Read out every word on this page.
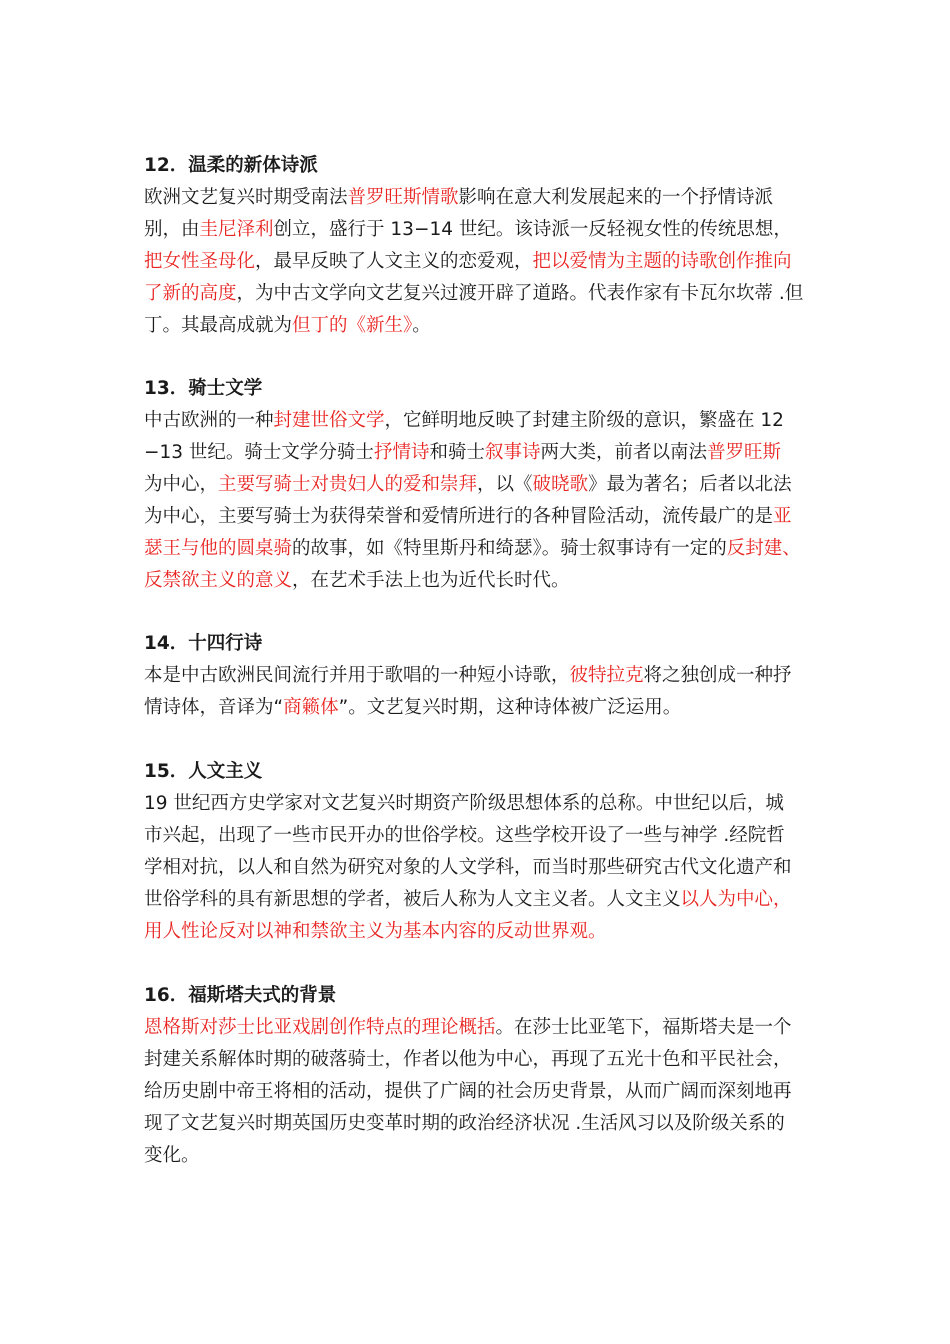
12．温柔的新体诗派
欧洲文艺复兴时期受南法普罗旺斯情歌影响在意大利发展起来的一个抒情诗派
别，由圭尼泽利创立，盛行于 13−14 世纪。该诗派一反轻视女性的传统思想，
把女性圣母化，最早反映了人文主义的恋爱观，把以爱情为主题的诗歌创作推向
了新的高度，为中古文学向文艺复兴过渡开辟了道路。代表作家有卡瓦尔坎蒂 .但
丁。其最高成就为但丁的《新生》。
13．骑士文学
中古欧洲的一种封建世俗文学，它鲜明地反映了封建主阶级的意识，繁盛在 12
−13 世纪。骑士文学分骑士抒情诗和骑士叙事诗两大类，前者以南法普罗旺斯
为中心，主要写骑士对贵妇人的爱和崇拜，以《破晓歌》最为著名；后者以北法
为中心，主要写骑士为获得荣誉和爱情所进行的各种冒险活动，流传最广的是亚
瑟王与他的圆桌骑的故事，如《特里斯丹和绮瑟》。骑士叙事诗有一定的反封建、
反禁欲主义的意义，在艺术手法上也为近代长时代。
14．十四行诗
本是中古欧洲民间流行并用于歌唱的一种短小诗歌，彼特拉克将之独创成一种抒
情诗体，音译为“商籁体”。文艺复兴时期，这种诗体被广泛运用。
15．人文主义
19 世纪西方史学家对文艺复兴时期资产阶级思想体系的总称。中世纪以后，城
市兴起，出现了一些市民开办的世俗学校。这些学校开设了一些与神学 .经院哲
学相对抗，以人和自然为研究对象的人文学科，而当时那些研究古代文化遗产和
世俗学科的具有新思想的学者，被后人称为人文主义者。人文主义以人为中心，
用人性论反对以神和禁欲主义为基本内容的反动世界观。
16．福斯塔夫式的背景
恩格斯对莎士比亚戏剧创作特点的理论概括。在莎士比亚笔下，福斯塔夫是一个
封建关系解体时期的破落骑士，作者以他为中心，再现了五光十色和平民社会，
给历史剧中帝王将相的活动，提供了广阔的社会历史背景，从而广阔而深刻地再
现了文艺复兴时期英国历史变革时期的政治经济状况 .生活风习以及阶级关系的
变化。
